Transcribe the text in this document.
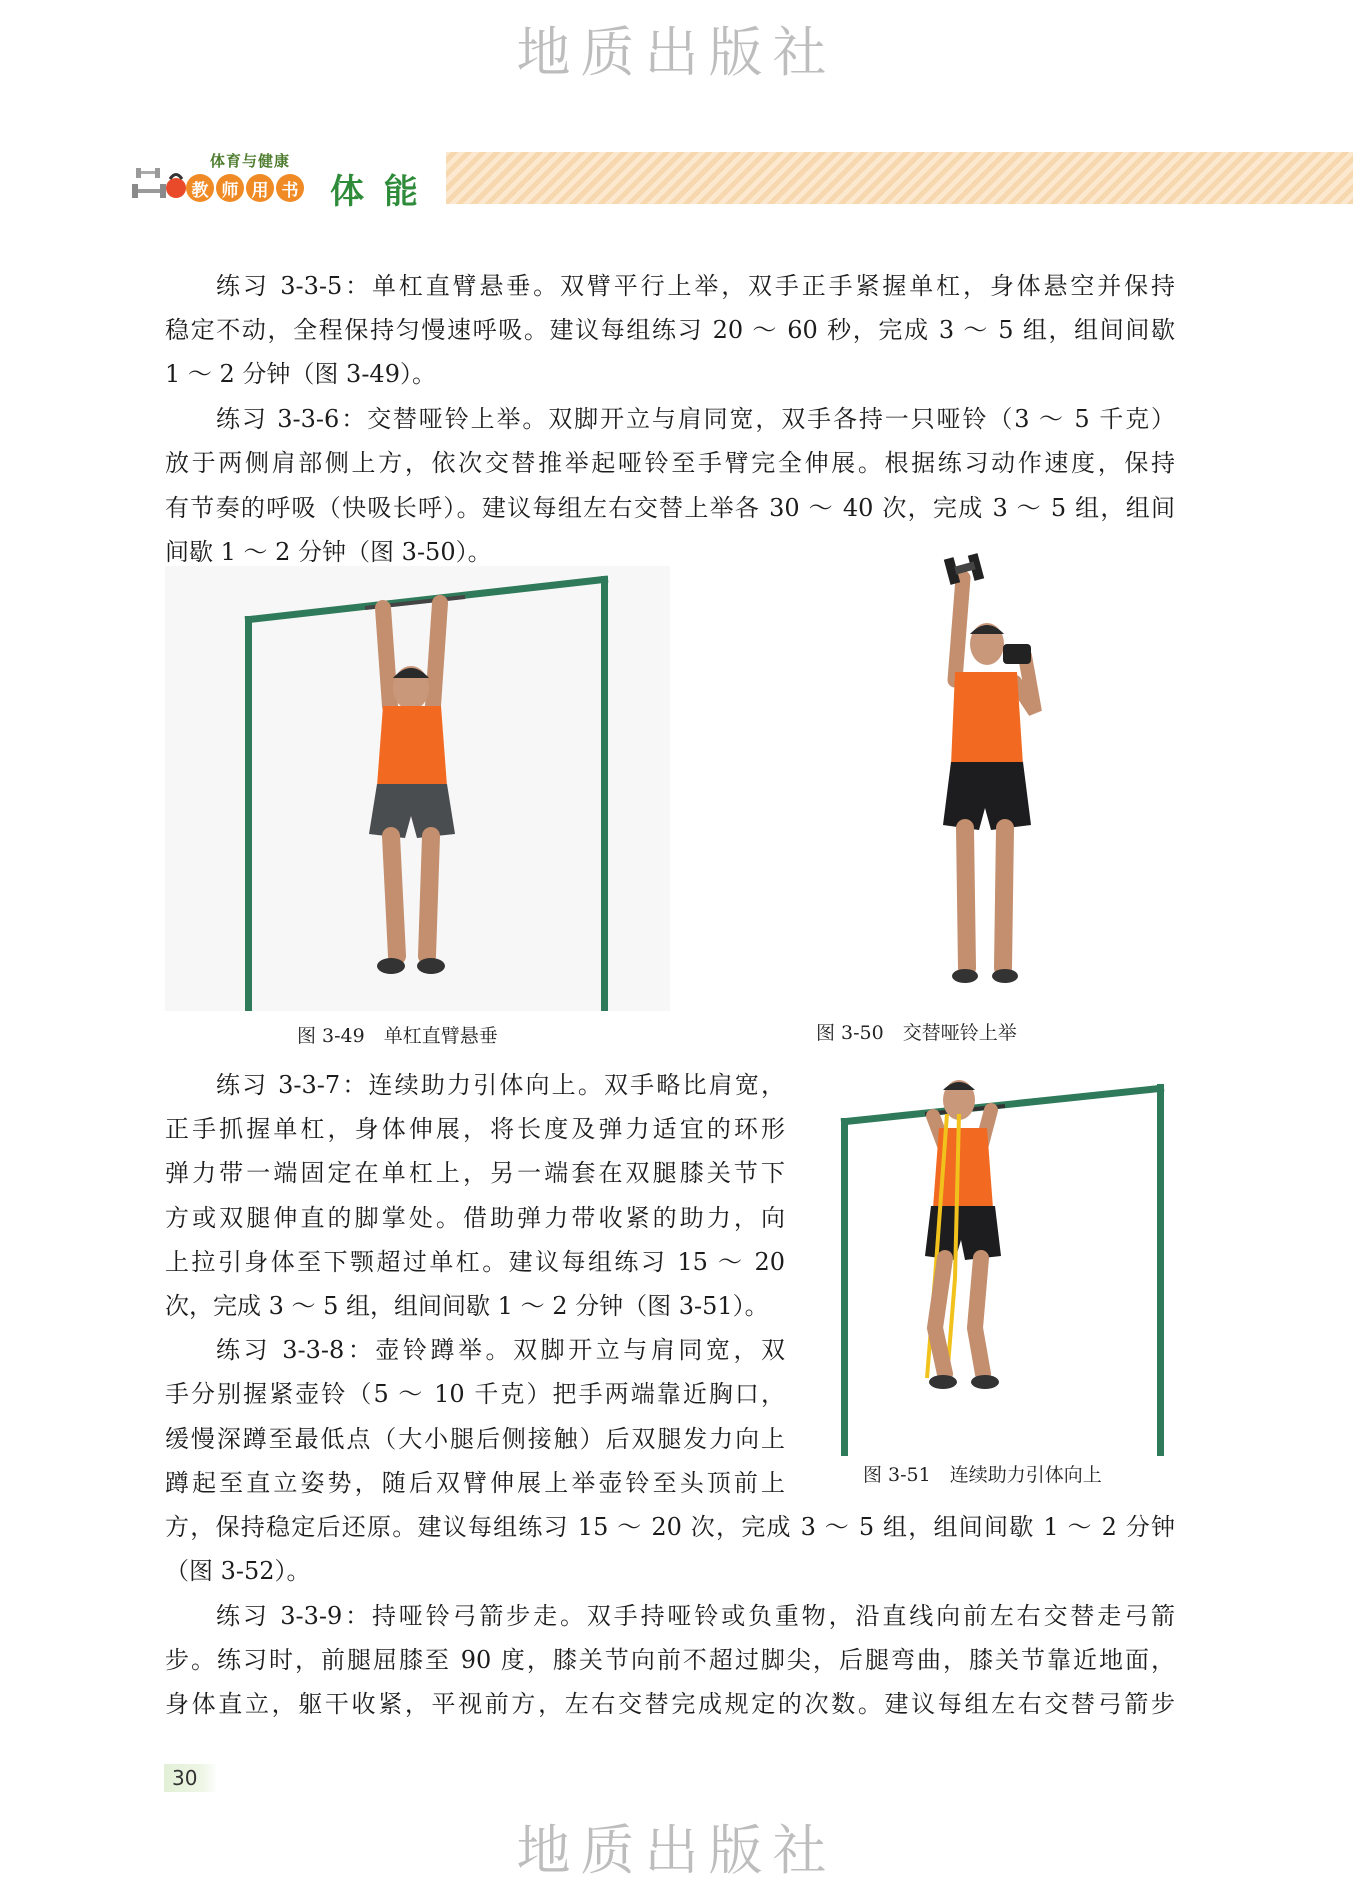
地质出版社
体育与健康
教 师 用 书 体 能

练习 3-3-5：单杠直臂悬垂。双臂平行上举，双手正手紧握单杠，身体悬空并保持

稳定不动，全程保持匀慢速呼吸。建议每组练习 20 ～ 60 秒，完成 3 ～ 5 组，组间间歇

1 ～ 2 分钟（图 3-49）。

练习 3-3-6：交替哑铃上举。双脚开立与肩同宽，双手各持一只哑铃（3 ～ 5 千克）

放于两侧肩部侧上方，依次交替推举起哑铃至手臂完全伸展。根据练习动作速度，保持

有节奏的呼吸（快吸长呼）。建议每组左右交替上举各 30 ～ 40 次，完成 3 ～ 5 组，组间

间歇 1 ～ 2 分钟（图 3-50）。

图 3-49　单杠直臂悬垂	图 3-50　交替哑铃上举

练习 3-3-7：连续助力引体向上。双手略比肩宽，

正手抓握单杠，身体伸展，将长度及弹力适宜的环形

弹力带一端固定在单杠上，另一端套在双腿膝关节下

方或双腿伸直的脚掌处。借助弹力带收紧的助力，向

上拉引身体至下颚超过单杠。建议每组练习 15 ～ 20

次，完成 3 ～ 5 组，组间间歇 1 ～ 2 分钟（图 3-51）。

练习 3-3-8：壶铃蹲举。双脚开立与肩同宽，双

手分别握紧壶铃（5 ～ 10 千克）把手两端靠近胸口，

缓慢深蹲至最低点（大小腿后侧接触）后双腿发力向上

蹲起至直立姿势，随后双臂伸展上举壶铃至头顶前上

方，保持稳定后还原。建议每组练习 15 ～ 20 次，完成 3 ～ 5 组，组间间歇 1 ～ 2 分钟

（图 3-52）。

图 3-51　连续助力引体向上

练习 3-3-9：持哑铃弓箭步走。双手持哑铃或负重物，沿直线向前左右交替走弓箭

步。练习时，前腿屈膝至 90 度，膝关节向前不超过脚尖，后腿弯曲，膝关节靠近地面，

身体直立，躯干收紧，平视前方，左右交替完成规定的次数。建议每组左右交替弓箭步

30
地质出版社
